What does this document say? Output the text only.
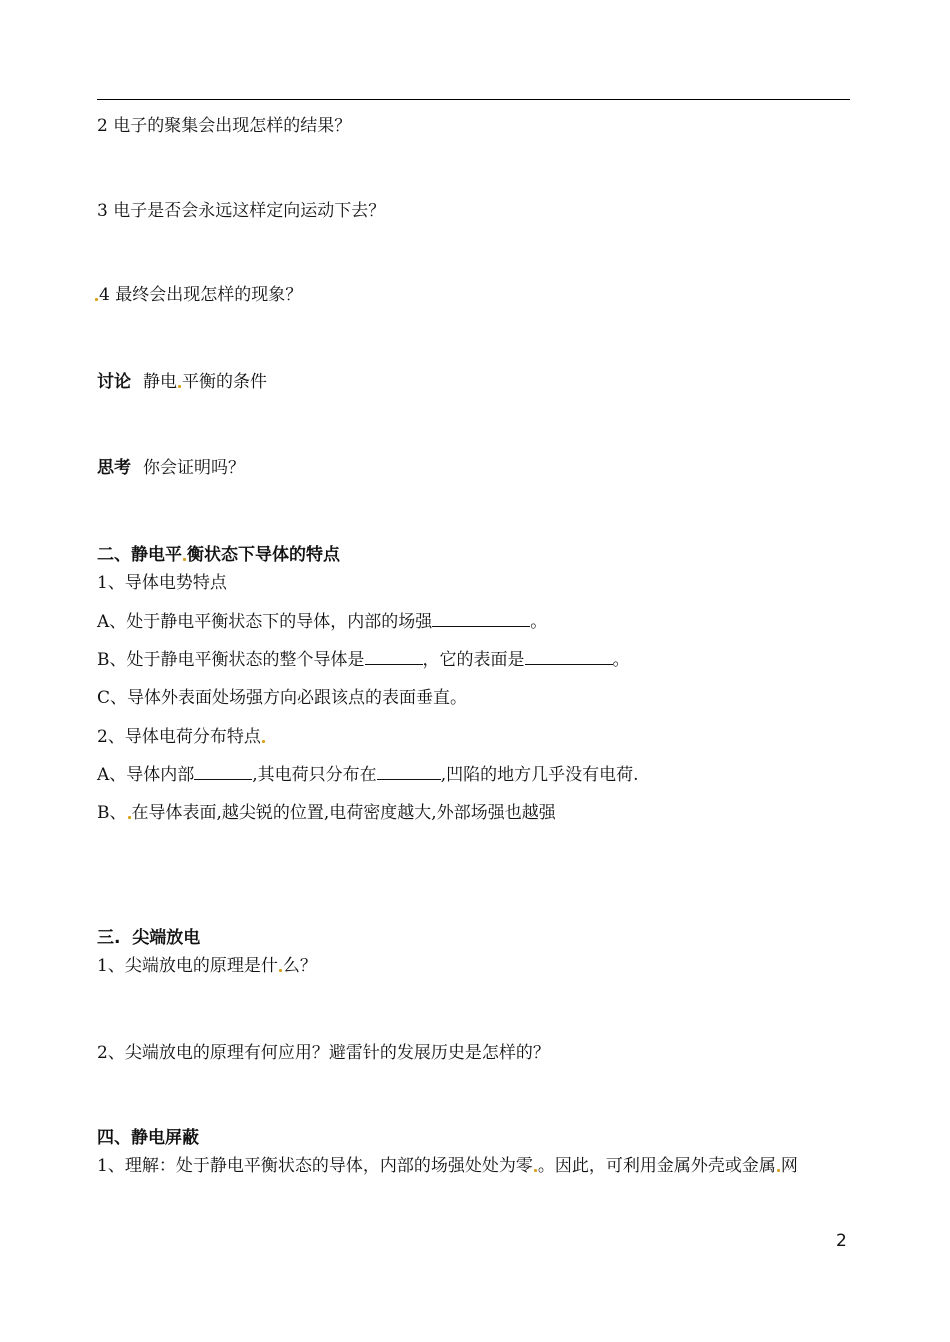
2 电子的聚集会出现怎样的结果？
3 电子是否会永远这样定向运动下去？
4 最终会出现怎样的现象？
讨论 静电 平衡的条件
思考 你会证明吗？
二、静电平 衡状态下导体的特点
1、导体电势特点
A、处于静电平衡状态下的导体，内部的场强	。
B、处于静电平衡状态的整个导体是	，它的表面是	。
C、导体外表面处场强方向必跟该点的表面垂直。
2、导体电荷分布特点
A、导体内部	,其电荷只分布在	,凹陷的地方几乎没有电荷.
B、 在导体表面,越尖锐的位置,电荷密度越大,外部场强也越强
三.  尖端放电
1、尖端放电的原理是什 么？
2、尖端放电的原理有何应用？避雷针的发展历史是怎样的？
四、静电屏蔽
1、理解：处于静电平衡状态的导体，内部的场强处处为零 。因此，可利用金属外壳或金属 网
2
